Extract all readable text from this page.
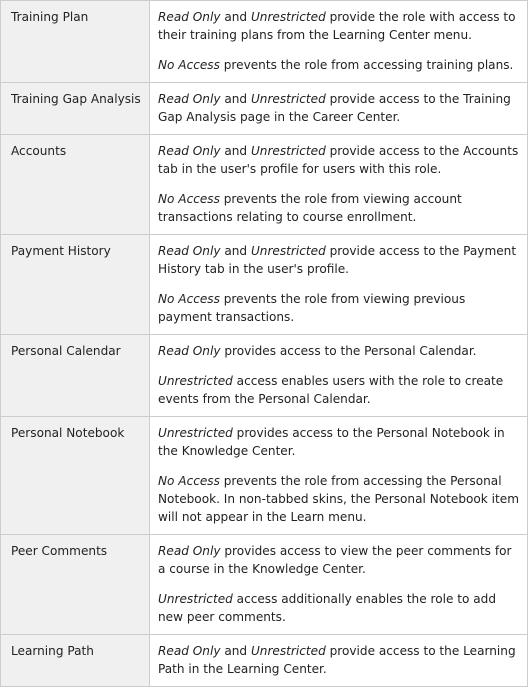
Training Plan	Read Only and Unrestricted provide the role with access to their training plans from the Learning Center menu.

No Access prevents the role from accessing training plans.

Training Gap Analysis	Read Only and Unrestricted provide access to the Training Gap Analysis page in the Career Center.

Accounts	Read Only and Unrestricted provide access to the Accounts tab in the user's profile for users with this role.

No Access prevents the role from viewing account transactions relating to course enrollment.

Payment History	Read Only and Unrestricted provide access to the Payment History tab in the user's profile.

No Access prevents the role from viewing previous payment transactions.

Personal Calendar	Read Only provides access to the Personal Calendar.

Unrestricted access enables users with the role to create events from the Personal Calendar.

Personal Notebook	Unrestricted provides access to the Personal Notebook in the Knowledge Center.

No Access prevents the role from accessing the Personal Notebook. In non-tabbed skins, the Personal Notebook item will not appear in the Learn menu.

Peer Comments	Read Only provides access to view the peer comments for a course in the Knowledge Center.

Unrestricted access additionally enables the role to add new peer comments.

Learning Path	Read Only and Unrestricted provide access to the Learning Path in the Learning Center.
